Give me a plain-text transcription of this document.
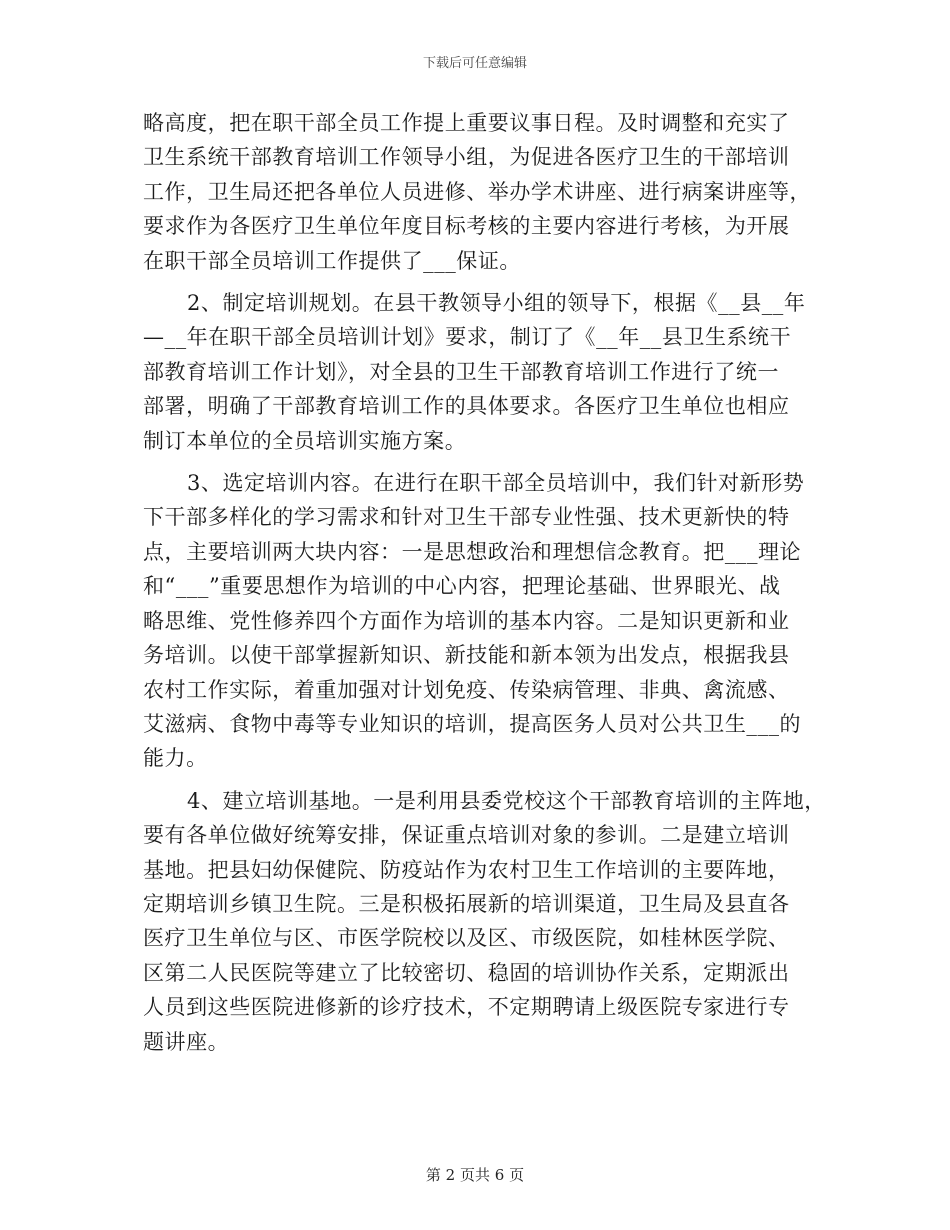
下载后可任意编辑
略高度，把在职干部全员工作提上重要议事日程。及时调整和充实了
卫生系统干部教育培训工作领导小组，为促进各医疗卫生的干部培训
工作，卫生局还把各单位人员进修、举办学术讲座、进行病案讲座等，
要求作为各医疗卫生单位年度目标考核的主要内容进行考核，为开展
在职干部全员培训工作提供了___保证。
2、制定培训规划。在县干教领导小组的领导下，根据《__县__年
—__年在职干部全员培训计划》要求，制订了《__年__县卫生系统干
部教育培训工作计划》，对全县的卫生干部教育培训工作进行了统一
部署，明确了干部教育培训工作的具体要求。各医疗卫生单位也相应
制订本单位的全员培训实施方案。
3、选定培训内容。在进行在职干部全员培训中，我们针对新形势
下干部多样化的学习需求和针对卫生干部专业性强、技术更新快的特
点，主要培训两大块内容：一是思想政治和理想信念教育。把___理论
和“___”重要思想作为培训的中心内容，把理论基础、世界眼光、战
略思维、党性修养四个方面作为培训的基本内容。二是知识更新和业
务培训。以使干部掌握新知识、新技能和新本领为出发点，根据我县
农村工作实际，着重加强对计划免疫、传染病管理、非典、禽流感、
艾滋病、食物中毒等专业知识的培训，提高医务人员对公共卫生___的
能力。
4、建立培训基地。一是利用县委党校这个干部教育培训的主阵地，
要有各单位做好统筹安排，保证重点培训对象的参训。二是建立培训
基地。把县妇幼保健院、防疫站作为农村卫生工作培训的主要阵地，
定期培训乡镇卫生院。三是积极拓展新的培训渠道，卫生局及县直各
医疗卫生单位与区、市医学院校以及区、市级医院，如桂林医学院、
区第二人民医院等建立了比较密切、稳固的培训协作关系，定期派出
人员到这些医院进修新的诊疗技术，不定期聘请上级医院专家进行专
题讲座。
第 2 页共 6 页
